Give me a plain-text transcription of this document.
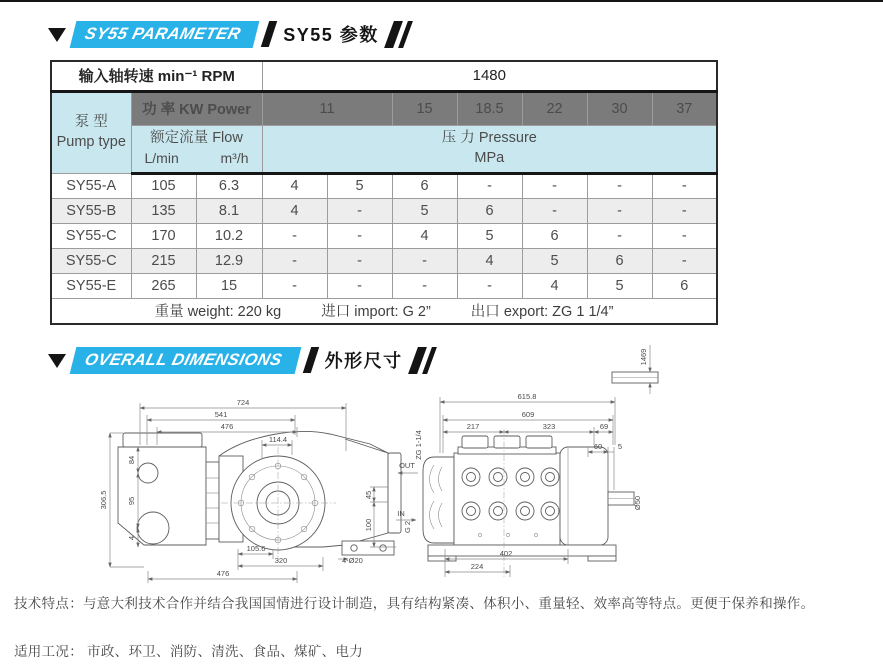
SY55 PARAMETER	SY55 参数
输入轴转速 min⁻¹ RPM			1480						

泵 型
Pump type	功 率 KW Power		11		15	18.5	22	30	37

额定流量 Flow
L/min	m³/h

压 力 Pressure
MPa

SY55-A	105	6.3	4	5	6	-	-	-	-
SY55-B	135	8.1	4	-	5	6	-	-	-
SY55-C	170	10.2	-	-	4	5	6	-	-
SY55-C	215	12.9	-	-	-	4	5	6	-
SY55-E	265	15	-	-	-	-	4	5	6

重量 weight: 220 kg 进口 import: G 2” 出口 export: ZG 1 1/4”									
OVERALL DIMENSIONS	外形尺寸
724
541
476
114.4
306.5
84
95
4
45
100
105.6
320
476
4-Ø20
1469
615.8
609
217	323	69
60 5
OUT
ZG 1-1/4
IN
G 2
Ø50
402
224
技术特点：与意大利技术合作并结合我国国情进行设计制造，具有结构紧凑、体积小、重量轻、效率高等特点。更便于保养和操作。
适用工况： 市政、环卫、消防、清洗、食品、煤矿、电力
